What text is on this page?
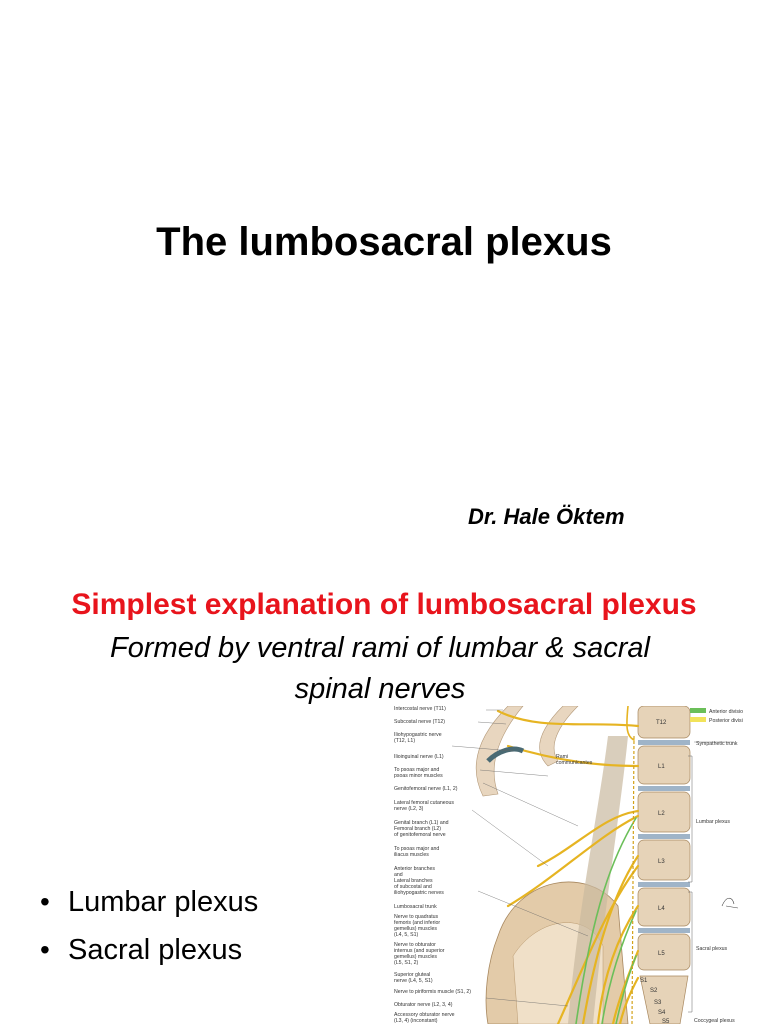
The lumbosacral plexus
Dr. Hale Öktem
Simplest explanation of lumbosacral plexus
Formed by ventral rami of lumbar & sacral
spinal nerves
• Lumbar plexus
• Sacral plexus
T12
L1
L2
L3
L4
L5
S1
S2
S3
S4
S5
Anterior divisio
Posterior divisi
Sympathetic trunk
Lumbar plexus
Sacral plexus
Coccygeal plexus
Rami
communicantes
Intercostal nerve (T11)
Subcostal nerve (T12)
Iliohypogastric nerve
(T12, L1)
Ilioinguinal nerve (L1)
To psoas major and
psoas minor muscles
Genitofemoral nerve (L1, 2)
Lateral femoral cutaneous
nerve (L2, 3)
Genital branch (L1) and
Femoral branch (L2)
of genitofemoral nerve
To psoas major and
iliacus muscles
Anterior branches
and
Lateral branches
of subcostal and
iliohypogastric nerves
Lumbosacral trunk
Nerve to quadratus
femoris (and inferior
gemellus) muscles
(L4, 5, S1)
Nerve to obturator
internus (and superior
gemellus) muscles
(L5, S1, 2)
Superior gluteal
nerve (L4, 5, S1)
Nerve to piriformis muscle (S1, 2)
Obturator nerve (L2, 3, 4)
Accessory obturator nerve
(L3, 4) (inconstant)
